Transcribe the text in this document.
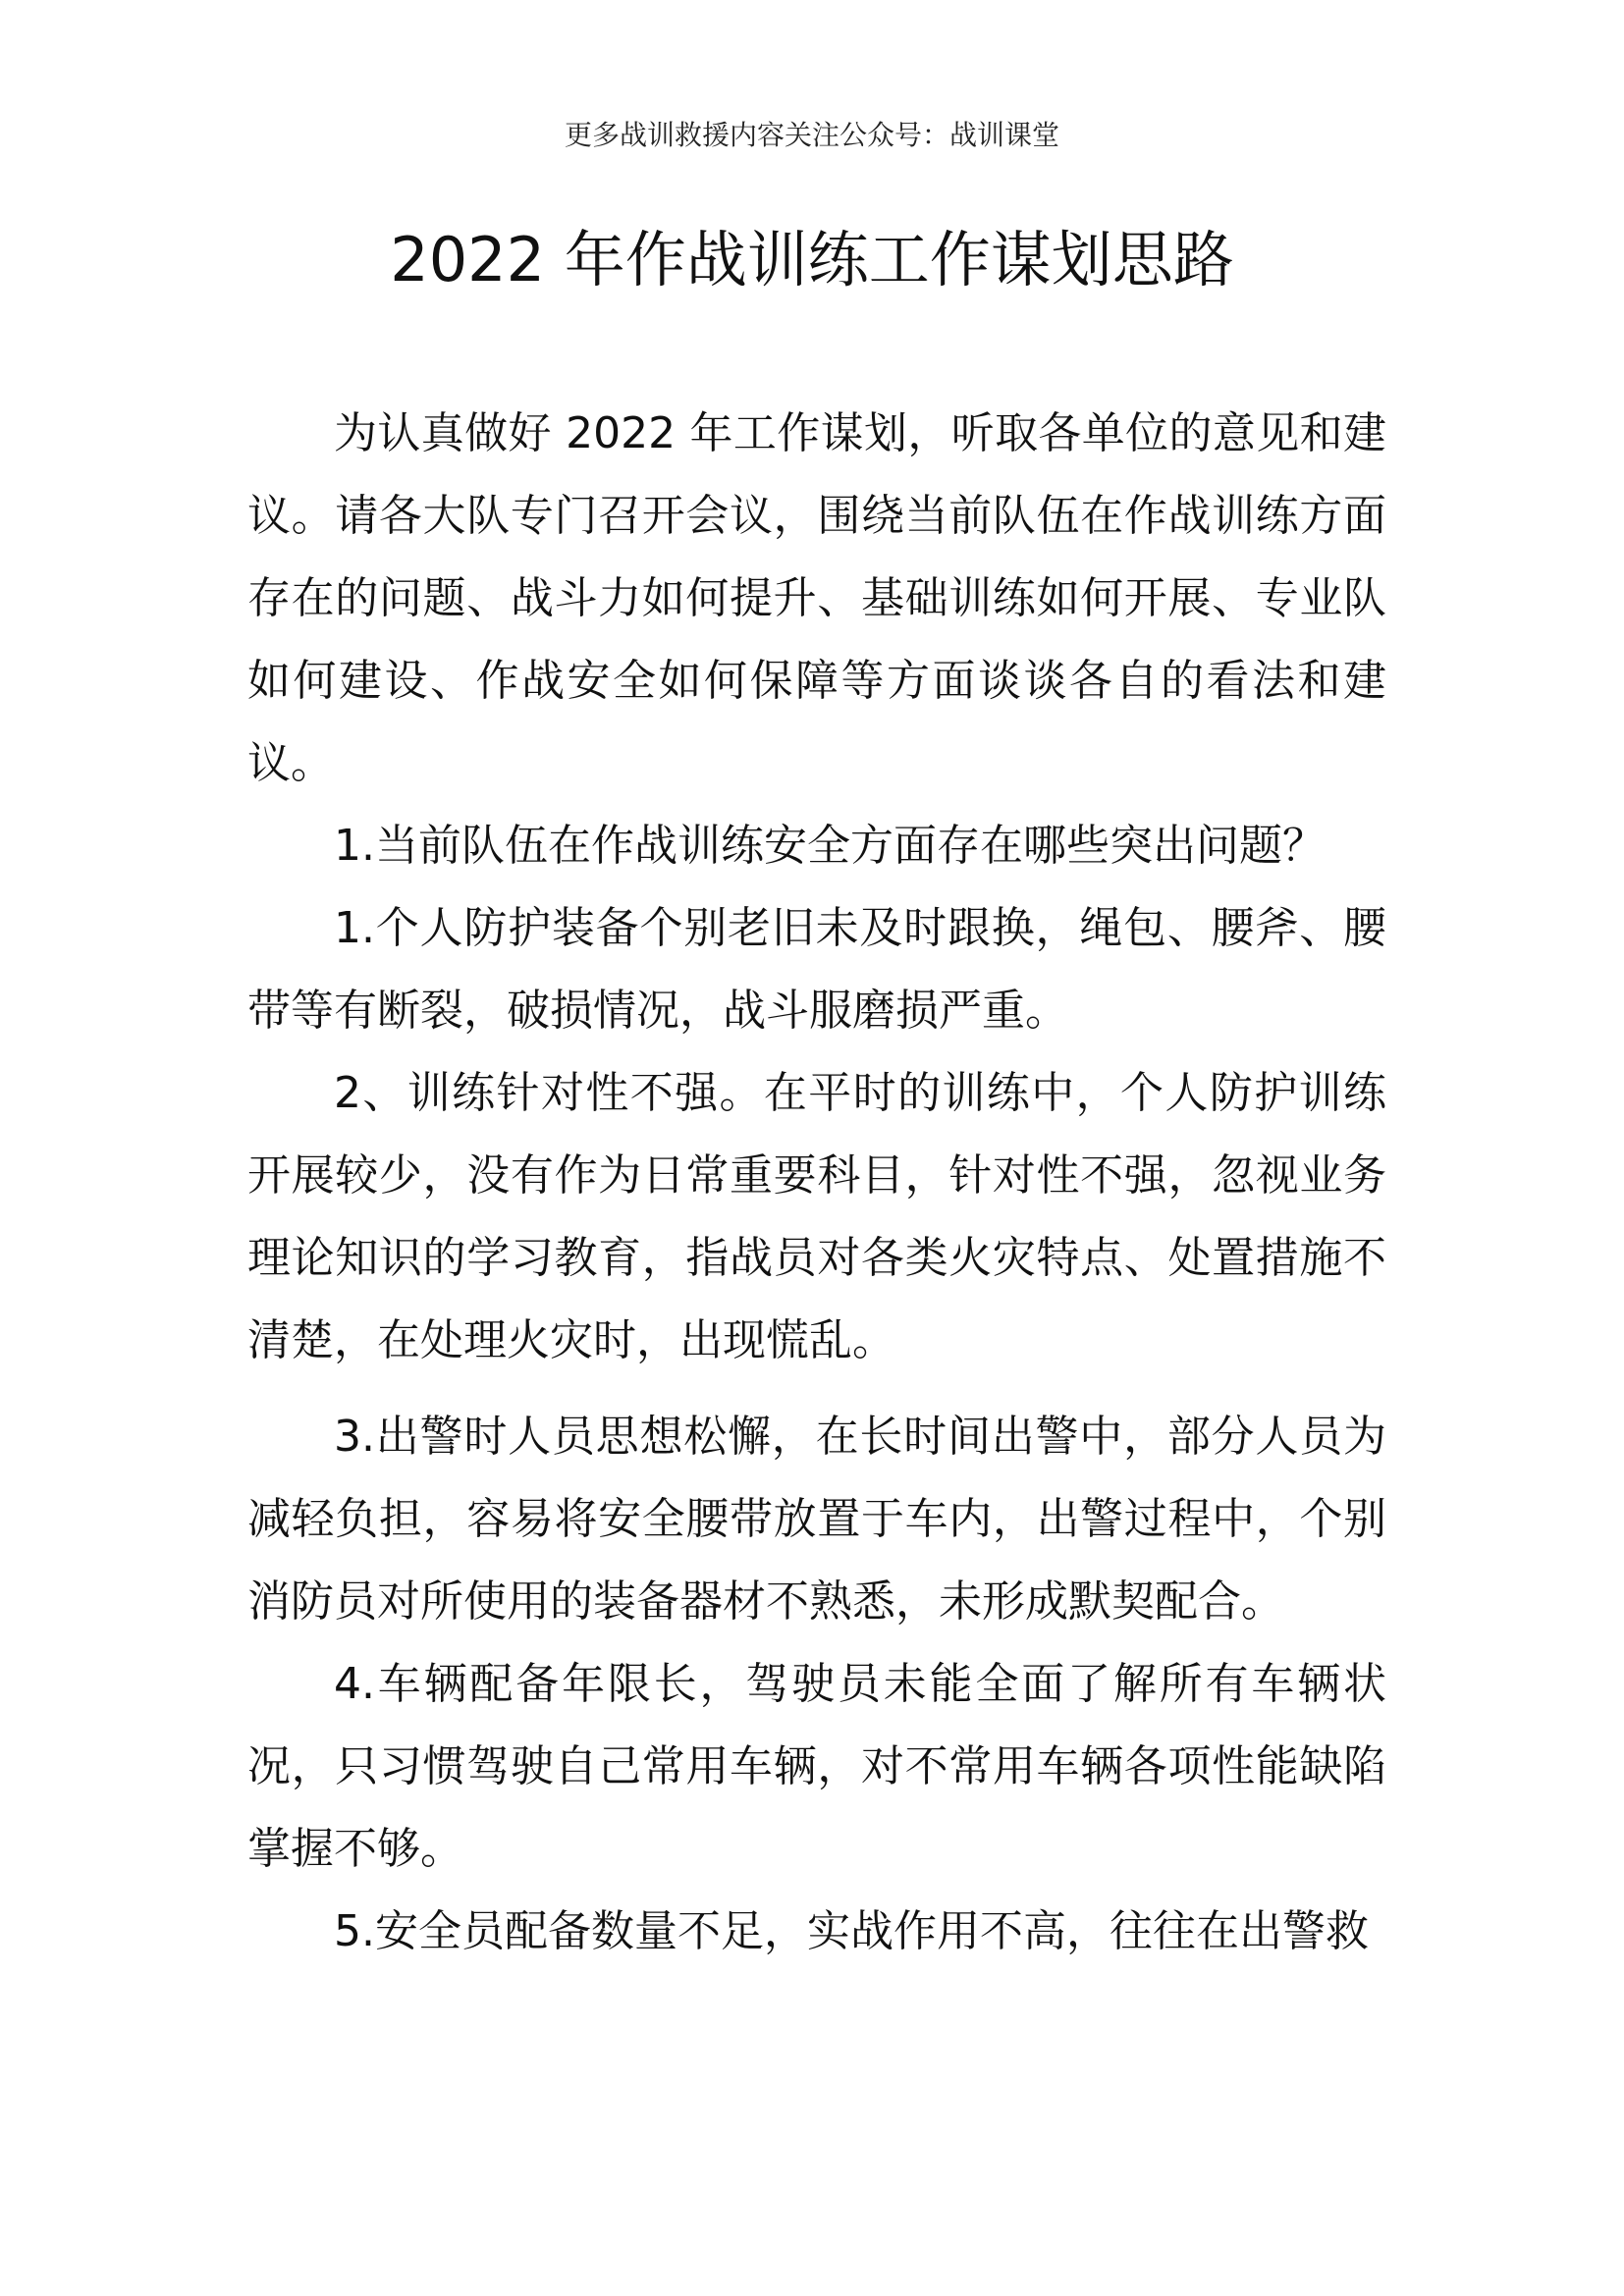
更多战训救援内容关注公众号：战训课堂
2022 年作战训练工作谋划思路

为认真做好 2022 年工作谋划，听取各单位的意见和建议。请各大队专门召开会议，围绕当前队伍在作战训练方面存在的问题、战斗力如何提升、基础训练如何开展、专业队如何建设、作战安全如何保障等方面谈谈各自的看法和建议。

1.当前队伍在作战训练安全方面存在哪些突出问题？

1.个人防护装备个别老旧未及时跟换，绳包、腰斧、腰带等有断裂，破损情况，战斗服磨损严重。

2、训练针对性不强。在平时的训练中，个人防护训练开展较少，没有作为日常重要科目，针对性不强，忽视业务理论知识的学习教育，指战员对各类火灾特点、处置措施不清楚，在处理火灾时，出现慌乱。

3.出警时人员思想松懈，在长时间出警中，部分人员为减轻负担，容易将安全腰带放置于车内，出警过程中，个别消防员对所使用的装备器材不熟悉，未形成默契配合。

4.车辆配备年限长，驾驶员未能全面了解所有车辆状况，只习惯驾驶自己常用车辆，对不常用车辆各项性能缺陷掌握不够。

5.安全员配备数量不足，实战作用不高，往往在出警救
